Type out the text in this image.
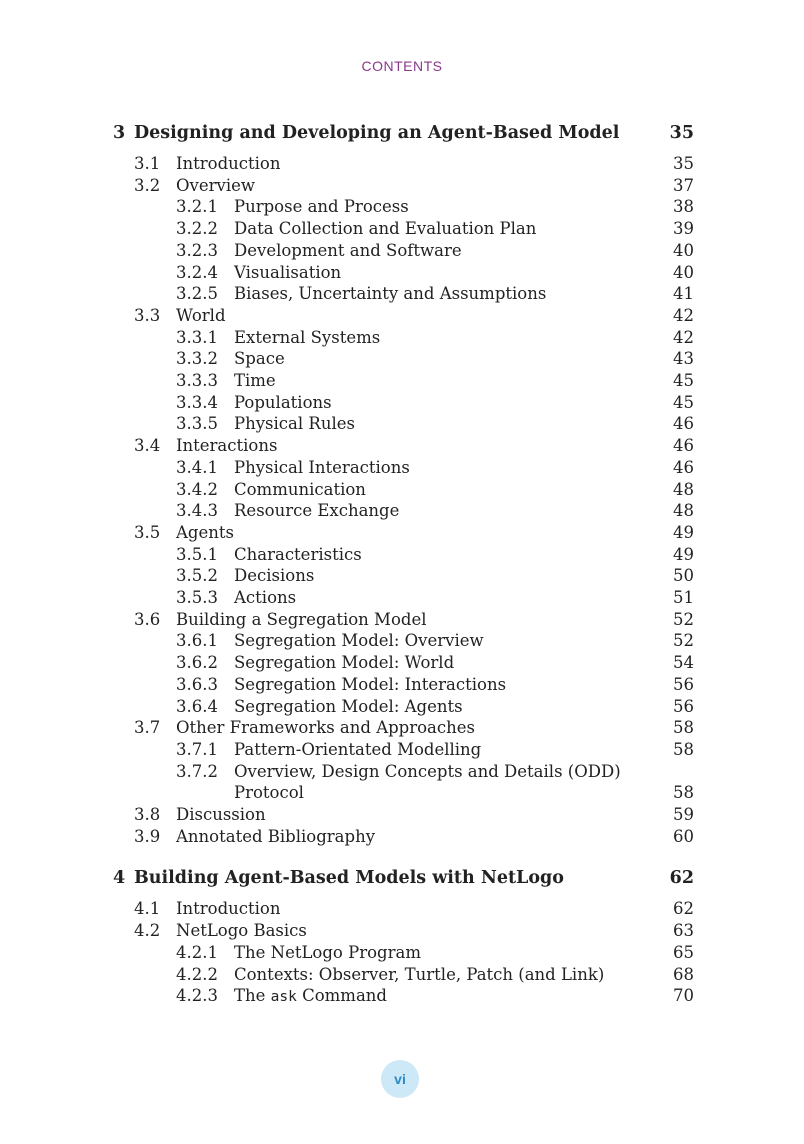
CONTENTS
3 Designing and Developing an Agent-Based Model	35
3.1 Introduction	35
3.2 Overview	37
3.2.1 Purpose and Process	38
3.2.2 Data Collection and Evaluation Plan	39
3.2.3 Development and Software	40
3.2.4 Visualisation	40
3.2.5 Biases, Uncertainty and Assumptions	41
3.3 World	42
3.3.1 External Systems	42
3.3.2 Space	43
3.3.3 Time	45
3.3.4 Populations	45
3.3.5 Physical Rules	46
3.4 Interactions	46
3.4.1 Physical Interactions	46
3.4.2 Communication	48
3.4.3 Resource Exchange	48
3.5 Agents	49
3.5.1 Characteristics	49
3.5.2 Decisions	50
3.5.3 Actions	51
3.6 Building a Segregation Model	52
3.6.1 Segregation Model: Overview	52
3.6.2 Segregation Model: World	54
3.6.3 Segregation Model: Interactions	56
3.6.4 Segregation Model: Agents	56
3.7 Other Frameworks and Approaches	58
3.7.1 Pattern-Orientated Modelling	58
3.7.2 Overview, Design Concepts and Details (ODD)
Protocol	58
3.8 Discussion	59
3.9 Annotated Bibliography	60
4 Building Agent-Based Models with NetLogo	62
4.1 Introduction	62
4.2 NetLogo Basics	63
4.2.1 The NetLogo Program	65
4.2.2 Contexts: Observer, Turtle, Patch (and Link)	68
4.2.3 The ask Command	70
vi
